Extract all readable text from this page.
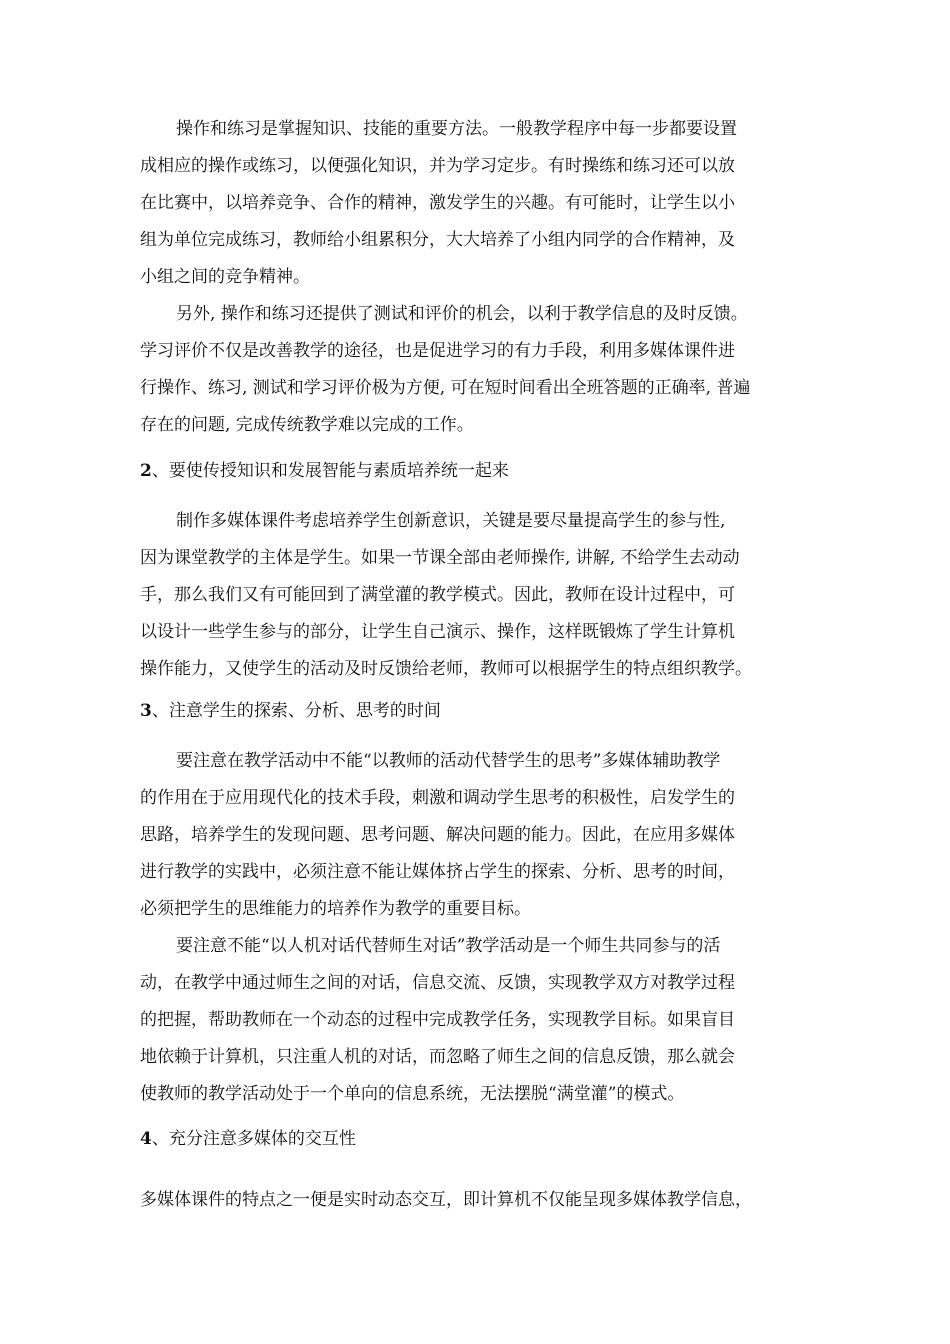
操作和练习是掌握知识、技能的重要方法。一般教学程序中每一步都要设置
成相应的操作或练习，以便强化知识，并为学习定步。有时操练和练习还可以放
在比赛中，以培养竞争、合作的精神，激发学生的兴趣。有可能时，让学生以小
组为单位完成练习，教师给小组累积分，大大培养了小组内同学的合作精神，及
小组之间的竞争精神。
另外, 操作和练习还提供了测试和评价的机会，以利于教学信息的及时反馈。
学习评价不仅是改善教学的途径，也是促进学习的有力手段，利用多媒体课件进
行操作、练习, 测试和学习评价极为方便, 可在短时间看出全班答题的正确率, 普遍
存在的问题, 完成传统教学难以完成的工作。
2、要使传授知识和发展智能与素质培养统一起来
制作多媒体课件考虑培养学生创新意识，关键是要尽量提高学生的参与性,
因为课堂教学的主体是学生。如果一节课全部由老师操作, 讲解, 不给学生去动动
手，那么我们又有可能回到了满堂灌的教学模式。因此，教师在设计过程中，可
以设计一些学生参与的部分，让学生自己演示、操作，这样既锻炼了学生计算机
操作能力，又使学生的活动及时反馈给老师，教师可以根据学生的特点组织教学。
3、注意学生的探索、分析、思考的时间
要注意在教学活动中不能“以教师的活动代替学生的思考”多媒体辅助教学
的作用在于应用现代化的技术手段，刺激和调动学生思考的积极性，启发学生的
思路，培养学生的发现问题、思考问题、解决问题的能力。因此，在应用多媒体
进行教学的实践中，必须注意不能让媒体挤占学生的探索、分析、思考的时间，
必须把学生的思维能力的培养作为教学的重要目标。
要注意不能“以人机对话代替师生对话”教学活动是一个师生共同参与的活
动，在教学中通过师生之间的对话，信息交流、反馈，实现教学双方对教学过程
的把握，帮助教师在一个动态的过程中完成教学任务，实现教学目标。如果盲目
地依赖于计算机，只注重人机的对话，而忽略了师生之间的信息反馈，那么就会
使教师的教学活动处于一个单向的信息系统，无法摆脱“满堂灌”的模式。
4、充分注意多媒体的交互性
多媒体课件的特点之一便是实时动态交互，即计算机不仅能呈现多媒体教学信息，
